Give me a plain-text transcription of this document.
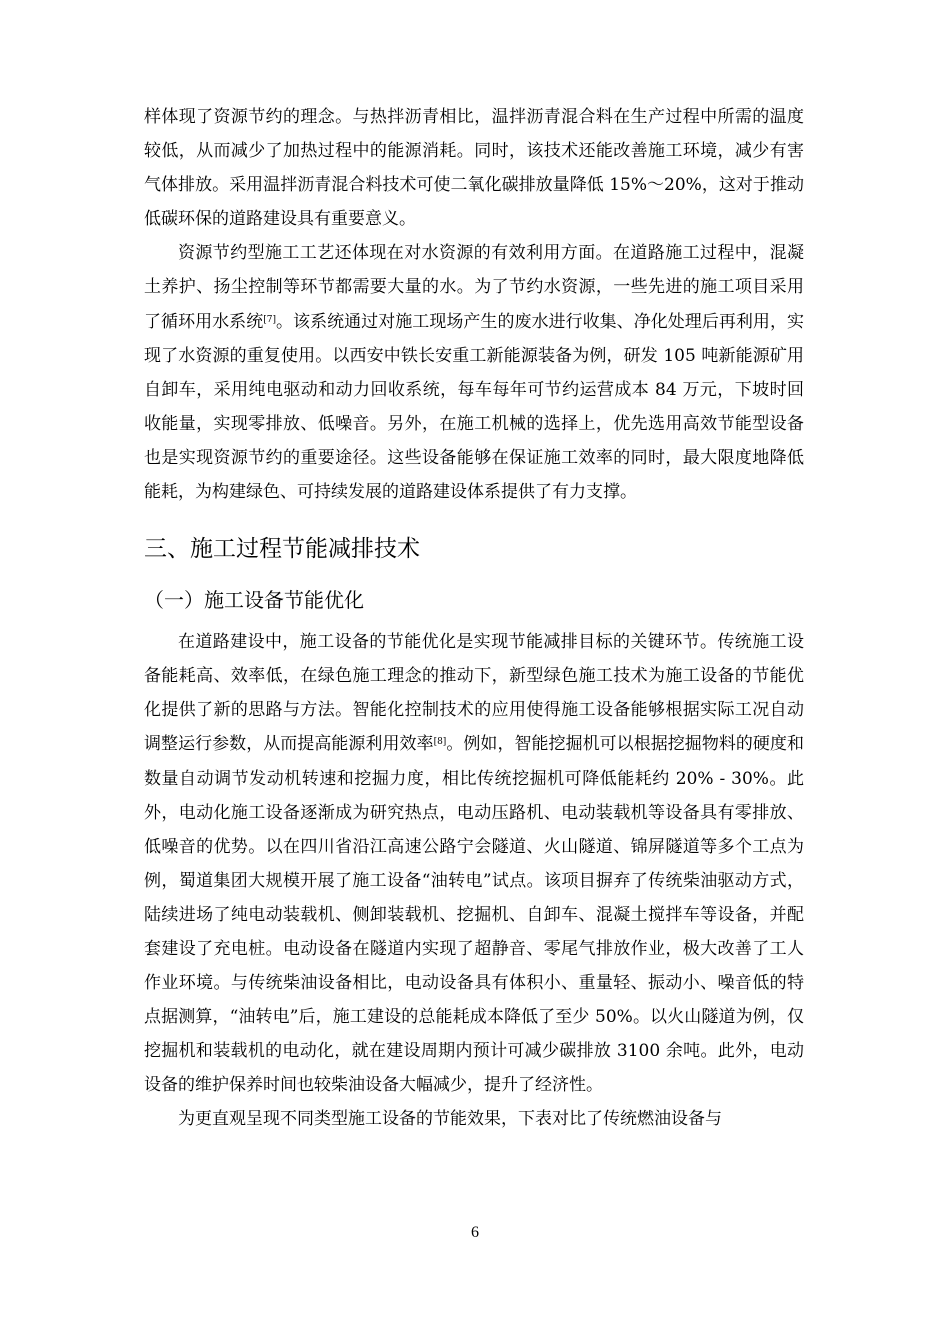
样体现了资源节约的理念。与热拌沥青相比，温拌沥青混合料在生产过程中所需的温度较低，从而减少了加热过程中的能源消耗。同时，该技术还能改善施工环境，减少有害气体排放。采用温拌沥青混合料技术可使二氧化碳排放量降低 15%～20%，这对于推动低碳环保的道路建设具有重要意义。

资源节约型施工工艺还体现在对水资源的有效利用方面。在道路施工过程中，混凝土养护、扬尘控制等环节都需要大量的水。为了节约水资源，一些先进的施工项目采用了循环用水系统[7]。该系统通过对施工现场产生的废水进行收集、净化处理后再利用，实现了水资源的重复使用。以西安中铁长安重工新能源装备为例，研发 105 吨新能源矿用自卸车，采用纯电驱动和动力回收系统，每车每年可节约运营成本 84 万元，下坡时回收能量，实现零排放、低噪音。另外，在施工机械的选择上，优先选用高效节能型设备也是实现资源节约的重要途径。这些设备能够在保证施工效率的同时，最大限度地降低能耗，为构建绿色、可持续发展的道路建设体系提供了有力支撑。

三、施工过程节能减排技术
（一）施工设备节能优化

在道路建设中，施工设备的节能优化是实现节能减排目标的关键环节。传统施工设备能耗高、效率低，在绿色施工理念的推动下，新型绿色施工技术为施工设备的节能优化提供了新的思路与方法。智能化控制技术的应用使得施工设备能够根据实际工况自动调整运行参数，从而提高能源利用效率[8]。例如，智能挖掘机可以根据挖掘物料的硬度和数量自动调节发动机转速和挖掘力度，相比传统挖掘机可降低能耗约 20% - 30%。此外，电动化施工设备逐渐成为研究热点，电动压路机、电动装载机等设备具有零排放、低噪音的优势。以在四川省沿江高速公路宁会隧道、火山隧道、锦屏隧道等多个工点为例，蜀道集团大规模开展了施工设备“油转电”试点。该项目摒弃了传统柴油驱动方式，陆续进场了纯电动装载机、侧卸装载机、挖掘机、自卸车、混凝土搅拌车等设备，并配套建设了充电桩。电动设备在隧道内实现了超静音、零尾气排放作业，极大改善了工人作业环境。与传统柴油设备相比，电动设备具有体积小、重量轻、振动小、噪音低的特点据测算，“油转电”后，施工建设的总能耗成本降低了至少 50%。以火山隧道为例，仅挖掘机和装载机的电动化，就在建设周期内预计可减少碳排放 3100 余吨。此外，电动设备的维护保养时间也较柴油设备大幅减少，提升了经济性。

为更直观呈现不同类型施工设备的节能效果，下表对比了传统燃油设备与

6
